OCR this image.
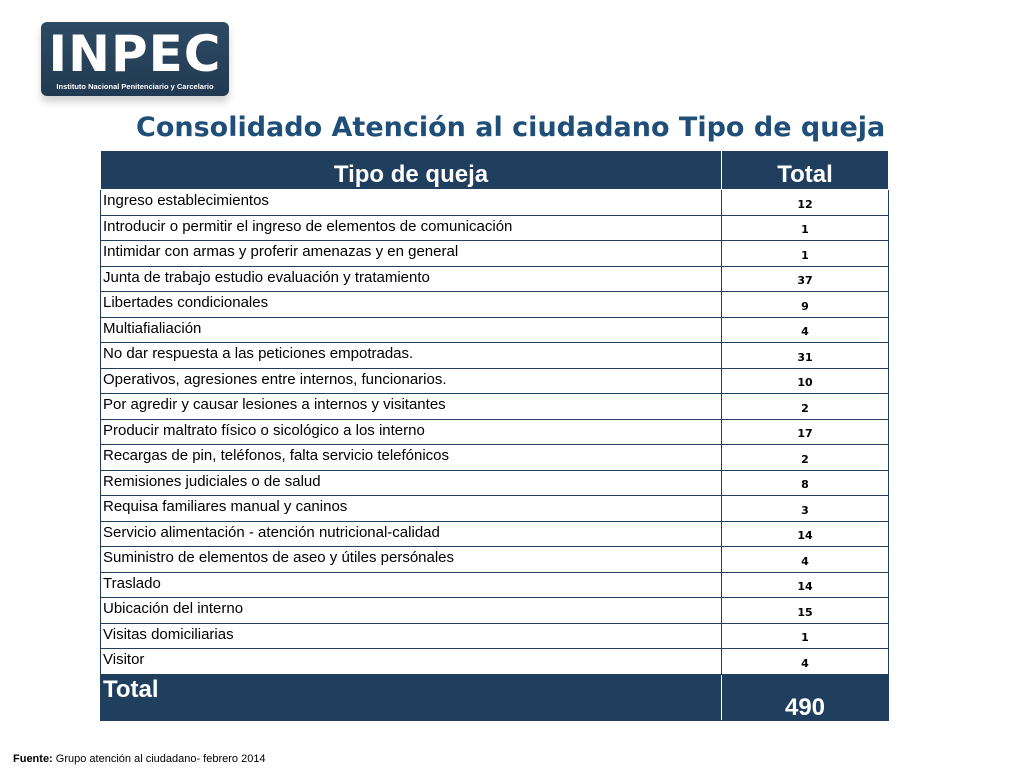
INPEC
Instituto Nacional Penitenciario y Carcelario
Consolidado Atención al ciudadano Tipo de queja
Tipo de queja	Total
Ingreso establecimientos	12
Introducir o permitir el ingreso de elementos de comunicación	1
Intimidar con armas y proferir amenazas y en general	1
Junta de trabajo estudio evaluación y tratamiento	37
Libertades condicionales	9
Multiafialiación	4
No dar respuesta a las peticiones empotradas.	31
Operativos, agresiones entre internos, funcionarios.	10
Por agredir y causar lesiones a internos y visitantes	2
Producir maltrato físico o sicológico a los interno	17
Recargas de pin, teléfonos, falta servicio telefónicos	2
Remisiones judiciales o de salud	8
Requisa familiares manual y caninos	3
Servicio alimentación - atención nutricional-calidad	14
Suministro de elementos de aseo y útiles persónales	4
Traslado	14
Ubicación del interno	15
Visitas domiciliarias	1
Visitor	4
Total	490
Fuente: Grupo atención al ciudadano- febrero 2014
